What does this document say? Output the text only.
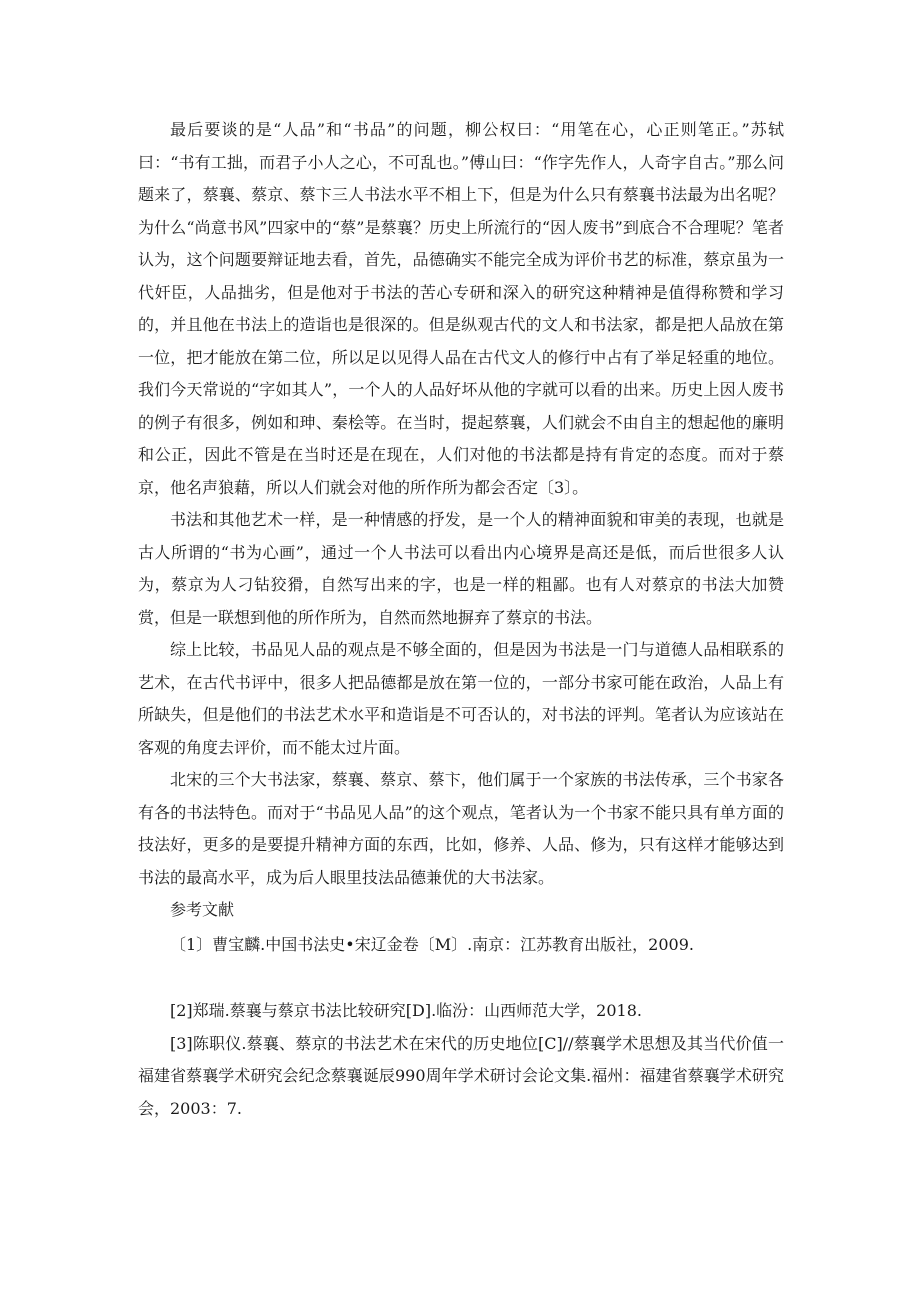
最后要谈的是“人品”和“书品”的问题，柳公权曰：“用笔在心，心正则笔正。”苏轼曰：“书有工拙，而君子小人之心，不可乱也。”傅山曰：“作字先作人，人奇字自古。”那么问题来了，蔡襄、蔡京、蔡卞三人书法水平不相上下，但是为什么只有蔡襄书法最为出名呢？为什么“尚意书风”四家中的“蔡”是蔡襄？历史上所流行的“因人废书”到底合不合理呢？笔者认为，这个问题要辩证地去看，首先，品德确实不能完全成为评价书艺的标准，蔡京虽为一代奸臣，人品拙劣，但是他对于书法的苦心专研和深入的研究这种精神是值得称赞和学习的，并且他在书法上的造诣也是很深的。但是纵观古代的文人和书法家，都是把人品放在第一位，把才能放在第二位，所以足以见得人品在古代文人的修行中占有了举足轻重的地位。我们今天常说的“字如其人”，一个人的人品好坏从他的字就可以看的出来。历史上因人废书的例子有很多，例如和珅、秦桧等。在当时，提起蔡襄，人们就会不由自主的想起他的廉明和公正，因此不管是在当时还是在现在，人们对他的书法都是持有肯定的态度。而对于蔡京，他名声狼藉，所以人们就会对他的所作所为都会否定〔3〕。

书法和其他艺术一样，是一种情感的抒发，是一个人的精神面貌和审美的表现，也就是古人所谓的“书为心画”，通过一个人书法可以看出内心境界是高还是低，而后世很多人认为，蔡京为人刁钻狡猾，自然写出来的字，也是一样的粗鄙。也有人对蔡京的书法大加赞赏，但是一联想到他的所作所为，自然而然地摒弃了蔡京的书法。

综上比较，书品见人品的观点是不够全面的，但是因为书法是一门与道德人品相联系的艺术，在古代书评中，很多人把品德都是放在第一位的，一部分书家可能在政治，人品上有所缺失，但是他们的书法艺术水平和造诣是不可否认的，对书法的评判。笔者认为应该站在客观的角度去评价，而不能太过片面。

北宋的三个大书法家，蔡襄、蔡京、蔡卞，他们属于一个家族的书法传承，三个书家各有各的书法特色。而对于“书品见人品”的这个观点，笔者认为一个书家不能只具有单方面的技法好，更多的是要提升精神方面的东西，比如，修养、人品、修为，只有这样才能够达到书法的最高水平，成为后人眼里技法品德兼优的大书法家。

参考文献

〔1〕曹宝麟.中国书法史•宋辽金卷〔M〕.南京：江苏教育出版社，2009.

[2]郑瑞.蔡襄与蔡京书法比较研究[D].临汾：山西师范大学，2018.

[3]陈职仪.蔡襄、蔡京的书法艺术在宋代的历史地位[C]//蔡襄学术思想及其当代价值一福建省蔡襄学术研究会纪念蔡襄诞辰990周年学术研讨会论文集.福州：福建省蔡襄学术研究会，2003：7.
